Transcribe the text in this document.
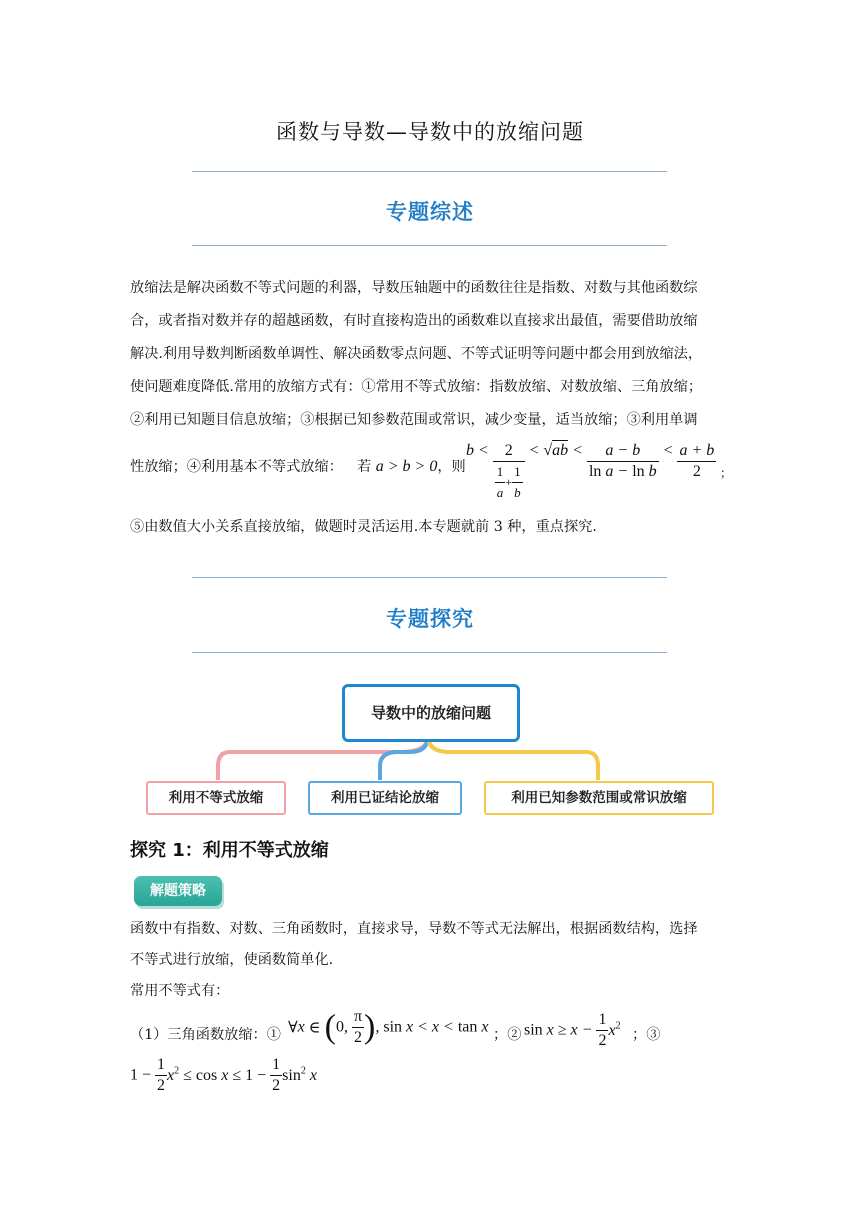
函数与导数—导数中的放缩问题
专题综述
放缩法是解决函数不等式问题的利器，导数压轴题中的函数往往是指数、对数与其他函数综
合，或者指对数并存的超越函数，有时直接构造出的函数难以直接求出最值，需要借助放缩
解决.利用导数判断函数单调性、解决函数零点问题、不等式证明等问题中都会用到放缩法，
使问题难度降低.常用的放缩方式有：①常用不等式放缩：指数放缩、对数放缩、三角放缩；
②利用已知题目信息放缩；③根据已知参数范围或常识，减少变量，适当放缩；③利用单调
性放缩；④利用基本不等式放缩： 若 a > b > 0，则
$b < \frac{2}{\frac{1}{a} + \frac{1}{b}} < √ab < \frac{a - b}{\text{ln a − ln b}} < \frac{a + b}{2}$ ；
⑤由数值大小关系直接放缩，做题时灵活运用.本专题就前 3 种，重点探究.
专题探究
导数中的放缩问题
利用不等式放缩	利用已证结论放缩	利用已知参数范围或常识放缩
探究 1：利用不等式放缩
解题策略
函数中有指数、对数、三角函数时，直接求导，导数不等式无法解出，根据函数结构，选择
不等式进行放缩，使函数简单化.
常用不等式有：
（1）三角函数放缩：① ∀x ∈ (0, $\frac{\pi}{2}$ ), sin x < x < tan x ；② $\sin x \ge x - \frac{1}{2} x^2$
；③
$1 - \frac{1}{2} x^2 \le \cos x \le 1 - \frac{1}{2} \sin^2 x$
